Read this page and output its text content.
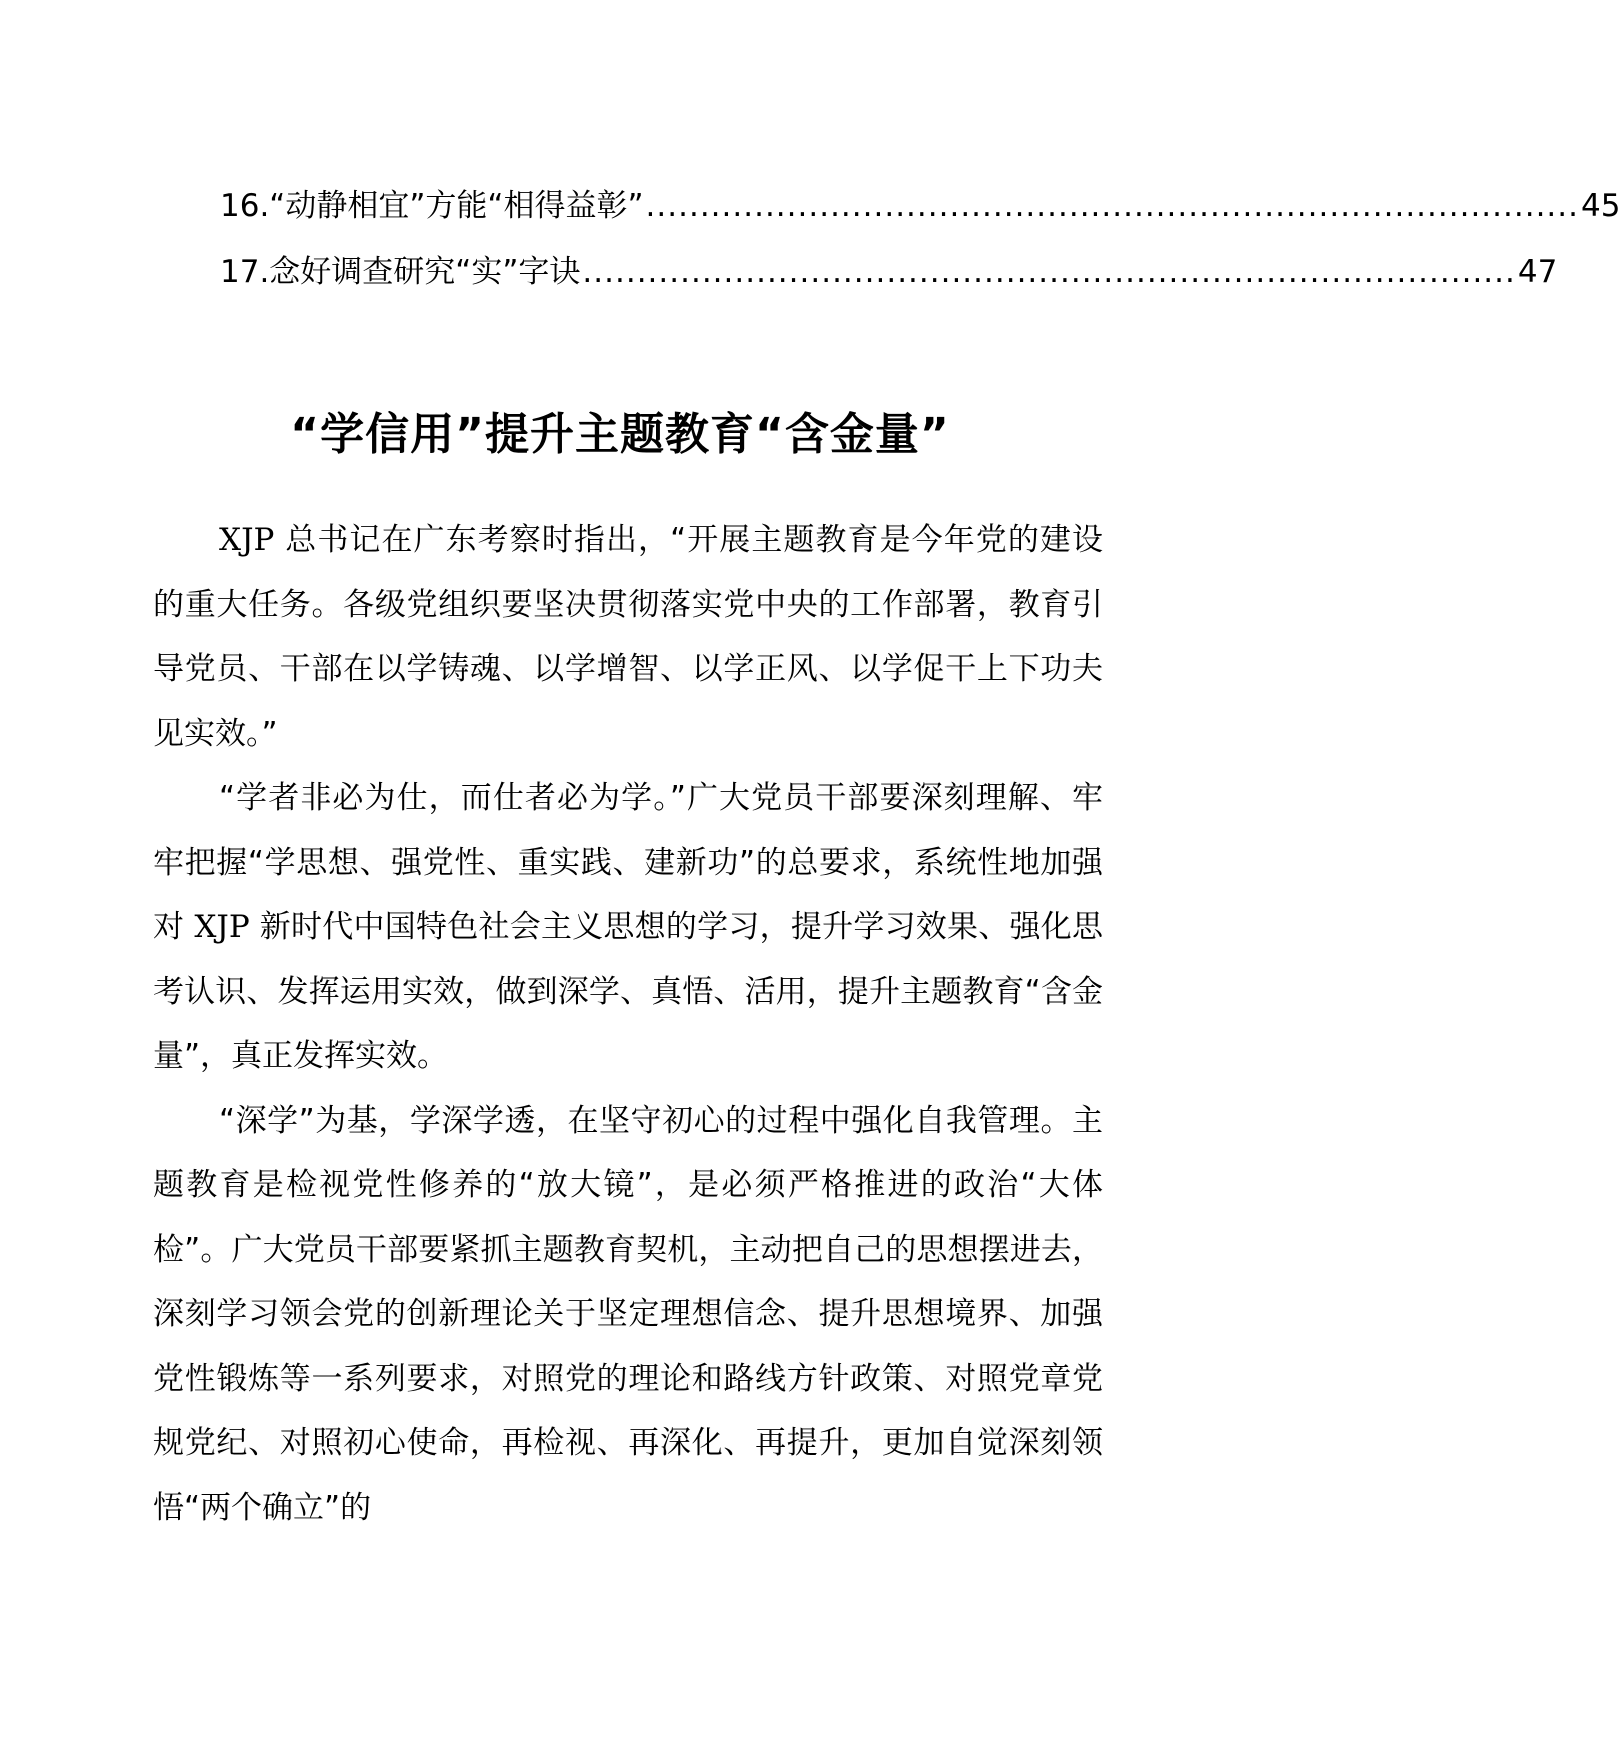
16.“动静相宜”方能“相得益彰” ...................................................................................... 45
17.念好调查研究“实”字诀 ...................................................................................... 47
“学信用”提升主题教育“含金量”

XJP 总书记在广东考察时指出，“开展主题教育是今年党的建设的重大任务。各级党组织要坚决贯彻落实党中央的工作部署，教育引导党员、干部在以学铸魂、以学增智、以学正风、以学促干上下功夫见实效。”

“学者非必为仕，而仕者必为学。”广大党员干部要深刻理解、牢牢把握“学思想、强党性、重实践、建新功”的总要求，系统性地加强对 XJP 新时代中国特色社会主义思想的学习，提升学习效果、强化思考认识、发挥运用实效，做到深学、真悟、活用，提升主题教育“含金量”，真正发挥实效。

“深学”为基，学深学透，在坚守初心的过程中强化自我管理。主题教育是检视党性修养的“放大镜”，是必须严格推进的政治“大体检”。广大党员干部要紧抓主题教育契机，主动把自己的思想摆进去，深刻学习领会党的创新理论关于坚定理想信念、提升思想境界、加强党性锻炼等一系列要求，对照党的理论和路线方针政策、对照党章党规党纪、对照初心使命，再检视、再深化、再提升，更加自觉深刻领悟“两个确立”的
